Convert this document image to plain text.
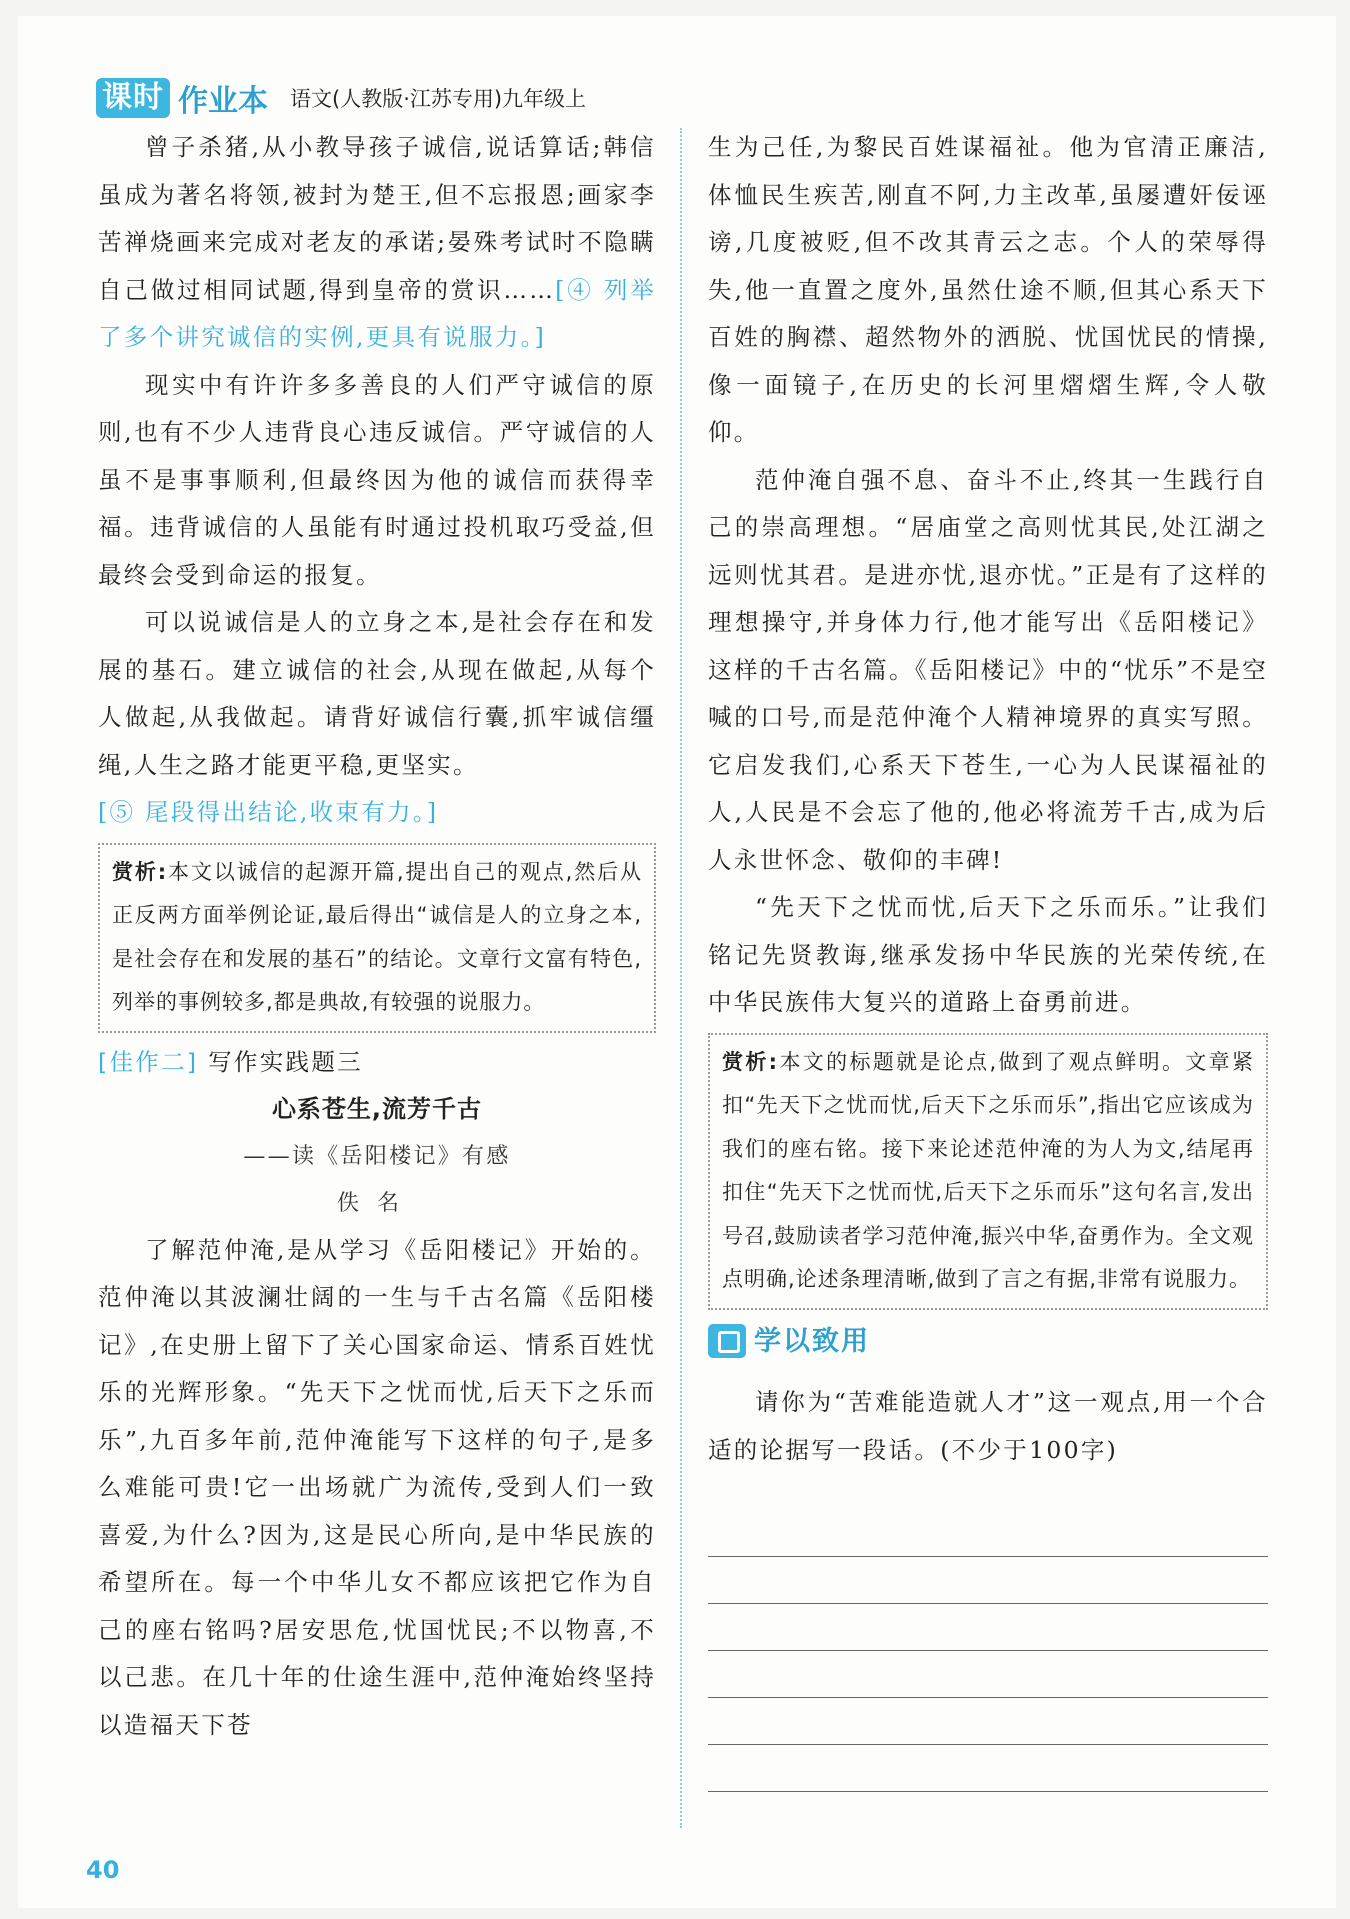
课时 作业本 语文(人教版·江苏专用)九年级上

曾子杀猪,从小教导孩子诚信,说话算话;韩信虽成为著名将领,被封为楚王,但不忘报恩;画家李苦禅烧画来完成对老友的承诺;晏殊考试时不隐瞒自己做过相同试题,得到皇帝的赏识……[④ 列举了多个讲究诚信的实例,更具有说服力。]

现实中有许许多多善良的人们严守诚信的原则,也有不少人违背良心违反诚信。严守诚信的人虽不是事事顺利,但最终因为他的诚信而获得幸福。违背诚信的人虽能有时通过投机取巧受益,但最终会受到命运的报复。

可以说诚信是人的立身之本,是社会存在和发展的基石。建立诚信的社会,从现在做起,从每个人做起,从我做起。请背好诚信行囊,抓牢诚信缰绳,人生之路才能更平稳,更坚实。

[⑤ 尾段得出结论,收束有力。]

赏析:本文以诚信的起源开篇,提出自己的观点,然后从正反两方面举例论证,最后得出“诚信是人的立身之本,是社会存在和发展的基石”的结论。文章行文富有特色,列举的事例较多,都是典故,有较强的说服力。
[佳作二] 写作实践题三
心系苍生,流芳千古
——读《岳阳楼记》有感
佚名

了解范仲淹,是从学习《岳阳楼记》开始的。范仲淹以其波澜壮阔的一生与千古名篇《岳阳楼记》,在史册上留下了关心国家命运、情系百姓忧乐的光辉形象。“先天下之忧而忧,后天下之乐而乐”,九百多年前,范仲淹能写下这样的句子,是多么难能可贵!它一出场就广为流传,受到人们一致喜爱,为什么?因为,这是民心所向,是中华民族的希望所在。每一个中华儿女不都应该把它作为自己的座右铭吗?居安思危,忧国忧民;不以物喜,不以己悲。在几十年的仕途生涯中,范仲淹始终坚持以造福天下苍

生为己任,为黎民百姓谋福祉。他为官清正廉洁,体恤民生疾苦,刚直不阿,力主改革,虽屡遭奸佞诬谤,几度被贬,但不改其青云之志。个人的荣辱得失,他一直置之度外,虽然仕途不顺,但其心系天下百姓的胸襟、超然物外的洒脱、忧国忧民的情操,像一面镜子,在历史的长河里熠熠生辉,令人敬仰。

范仲淹自强不息、奋斗不止,终其一生践行自己的崇高理想。“居庙堂之高则忧其民,处江湖之远则忧其君。是进亦忧,退亦忧。”正是有了这样的理想操守,并身体力行,他才能写出《岳阳楼记》这样的千古名篇。《岳阳楼记》中的“忧乐”不是空喊的口号,而是范仲淹个人精神境界的真实写照。它启发我们,心系天下苍生,一心为人民谋福祉的人,人民是不会忘了他的,他必将流芳千古,成为后人永世怀念、敬仰的丰碑!

“先天下之忧而忧,后天下之乐而乐。”让我们铭记先贤教诲,继承发扬中华民族的光荣传统,在中华民族伟大复兴的道路上奋勇前进。

赏析:本文的标题就是论点,做到了观点鲜明。文章紧扣“先天下之忧而忧,后天下之乐而乐”,指出它应该成为我们的座右铭。接下来论述范仲淹的为人为文,结尾再扣住“先天下之忧而忧,后天下之乐而乐”这句名言,发出号召,鼓励读者学习范仲淹,振兴中华,奋勇作为。全文观点明确,论述条理清晰,做到了言之有据,非常有说服力。
学以致用

请你为“苦难能造就人才”这一观点,用一个合适的论据写一段话。(不少于100字)

40
